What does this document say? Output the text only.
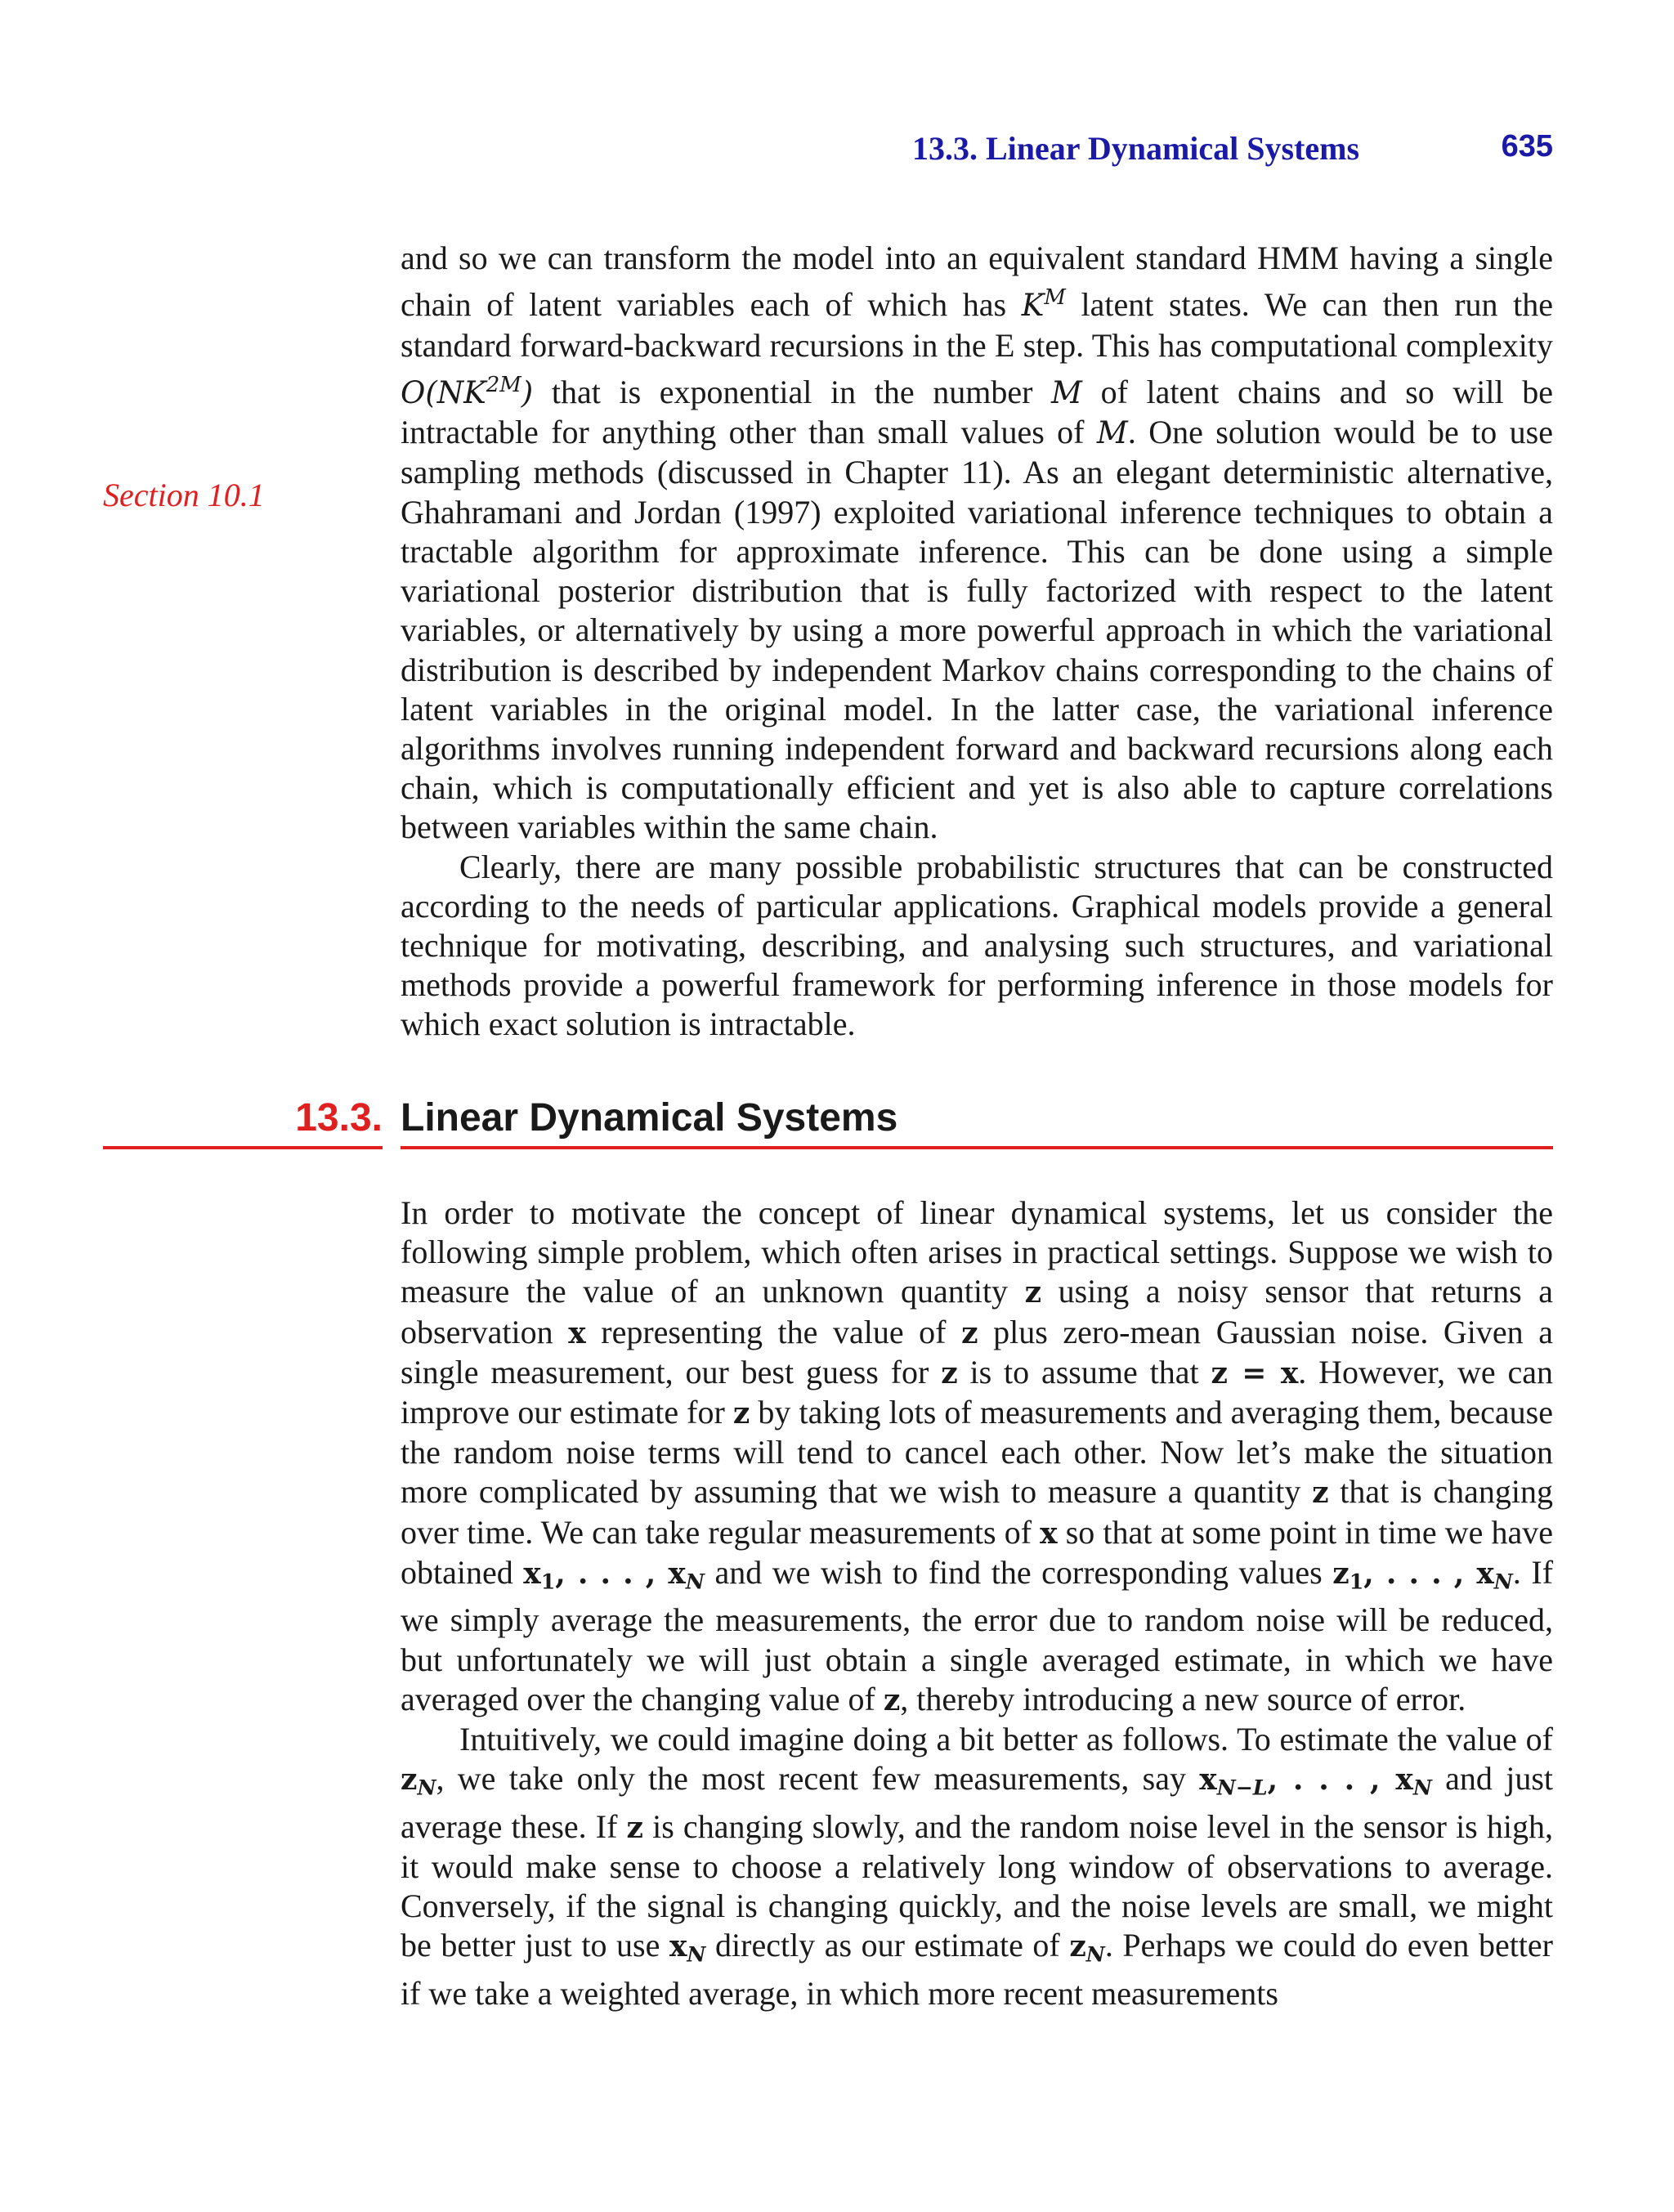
13.3. Linear Dynamical Systems	635
Section 10.1

and so we can transform the model into an equivalent standard HMM having a single chain of latent variables each of which has $K^M$ latent states. We can then run the standard forward-backward recursions in the E step. This has computational complexity $O(NK^{2M})$ that is exponential in the number M of latent chains and so will be intractable for anything other than small values of M. One solution would be to use sampling methods (discussed in Chapter 11). As an elegant deterministic alternative, Ghahramani and Jordan (1997) exploited variational inference techniques to obtain a tractable algorithm for approximate inference. This can be done using a simple variational posterior distribution that is fully factorized with respect to the latent variables, or alternatively by using a more powerful approach in which the variational distribution is described by independent Markov chains corresponding to the chains of latent variables in the original model. In the latter case, the variational inference algorithms involves running independent forward and backward recursions along each chain, which is computationally efficient and yet is also able to capture correlations between variables within the same chain.

Clearly, there are many possible probabilistic structures that can be constructed according to the needs of particular applications. Graphical models provide a general technique for motivating, describing, and analysing such structures, and variational methods provide a powerful framework for performing inference in those models for which exact solution is intractable.

13.3. Linear Dynamical Systems

In order to motivate the concept of linear dynamical systems, let us consider the following simple problem, which often arises in practical settings. Suppose we wish to measure the value of an unknown quantity z using a noisy sensor that returns a observation x representing the value of z plus zero-mean Gaussian noise. Given a single measurement, our best guess for z is to assume that z = x. However, we can improve our estimate for z by taking lots of measurements and averaging them, because the random noise terms will tend to cancel each other. Now let’s make the situation more complicated by assuming that we wish to measure a quantity z that is changing over time. We can take regular measurements of x so that at some point in time we have obtained $x_1$, . . . , $x_N$ and we wish to find the corresponding values $z_1$, . . . , $x_N$. If we simply average the measurements, the error due to random noise will be reduced, but unfortunately we will just obtain a single averaged estimate, in which we have averaged over the changing value of z, thereby introducing a new source of error.

Intuitively, we could imagine doing a bit better as follows. To estimate the value of $z_N$, we take only the most recent few measurements, say $x_{N-L}$, . . . , $x_N$ and just average these. If z is changing slowly, and the random noise level in the sensor is high, it would make sense to choose a relatively long window of observations to average. Conversely, if the signal is changing quickly, and the noise levels are small, we might be better just to use $x_N$ directly as our estimate of $z_N$. Perhaps we could do even better if we take a weighted average, in which more recent measurements
